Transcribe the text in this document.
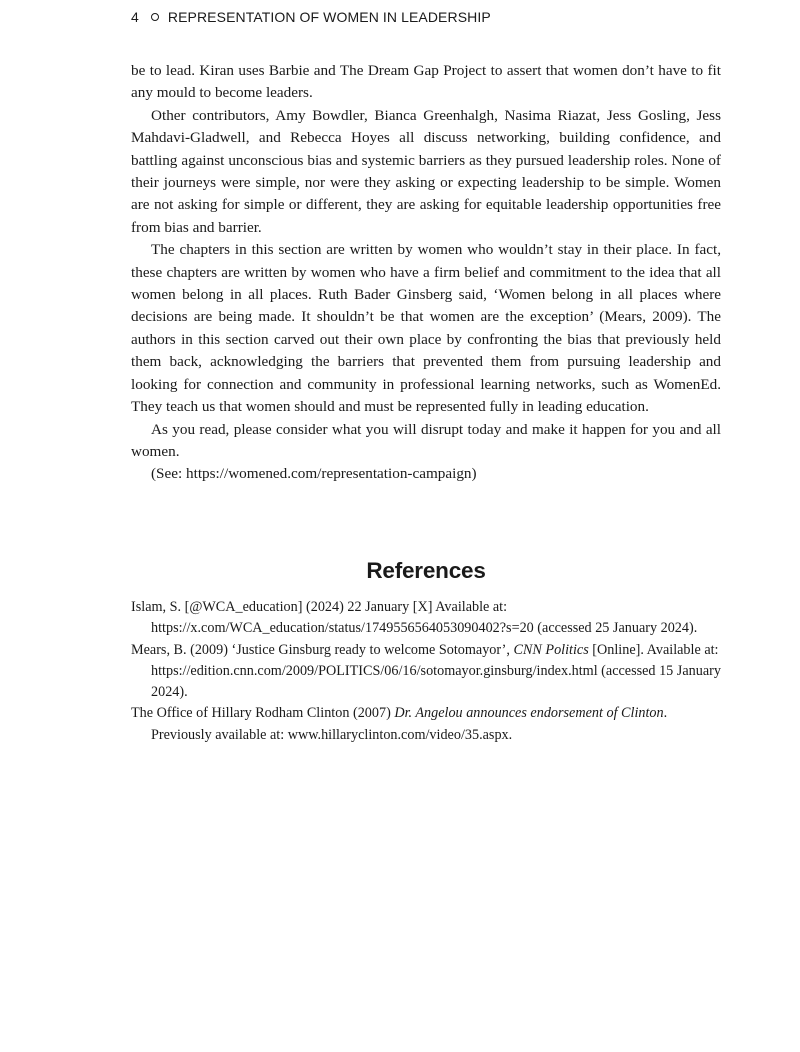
4 REPRESENTATION OF WOMEN IN LEADERSHIP

be to lead. Kiran uses Barbie and The Dream Gap Project to assert that women don’t have to fit any mould to become leaders.

Other contributors, Amy Bowdler, Bianca Greenhalgh, Nasima Riazat, Jess Gosling, Jess Mahdavi-Gladwell, and Rebecca Hoyes all discuss networking, building confidence, and battling against unconscious bias and systemic barriers as they pursued leadership roles. None of their journeys were simple, nor were they asking or expecting leadership to be simple. Women are not asking for simple or different, they are asking for equitable leadership opportunities free from bias and barrier.

The chapters in this section are written by women who wouldn’t stay in their place. In fact, these chapters are written by women who have a firm belief and commitment to the idea that all women belong in all places. Ruth Bader Ginsberg said, ‘Women belong in all places where decisions are being made. It shouldn’t be that women are the exception’ (Mears, 2009). The authors in this section carved out their own place by confronting the bias that previously held them back, acknowledging the barriers that prevented them from pursuing leadership and looking for connection and community in professional learning networks, such as WomenEd. They teach us that women should and must be represented fully in leading education.

As you read, please consider what you will disrupt today and make it happen for you and all women.

(See: https://womened.com/representation-campaign)

References

Islam, S. [@WCA_education] (2024) 22 January [X] Available at: https://x.com/WCA_education/status/1749556564053090402?s=20 (accessed 25 January 2024).

Mears, B. (2009) ‘Justice Ginsburg ready to welcome Sotomayor’, CNN Politics [Online]. Available at: https://edition.cnn.com/2009/POLITICS/06/16/sotomayor.ginsburg/index.html (accessed 15 January 2024).

The Office of Hillary Rodham Clinton (2007) Dr. Angelou announces endorsement of Clinton. Previously available at: www.hillaryclinton.com/video/35.aspx.
